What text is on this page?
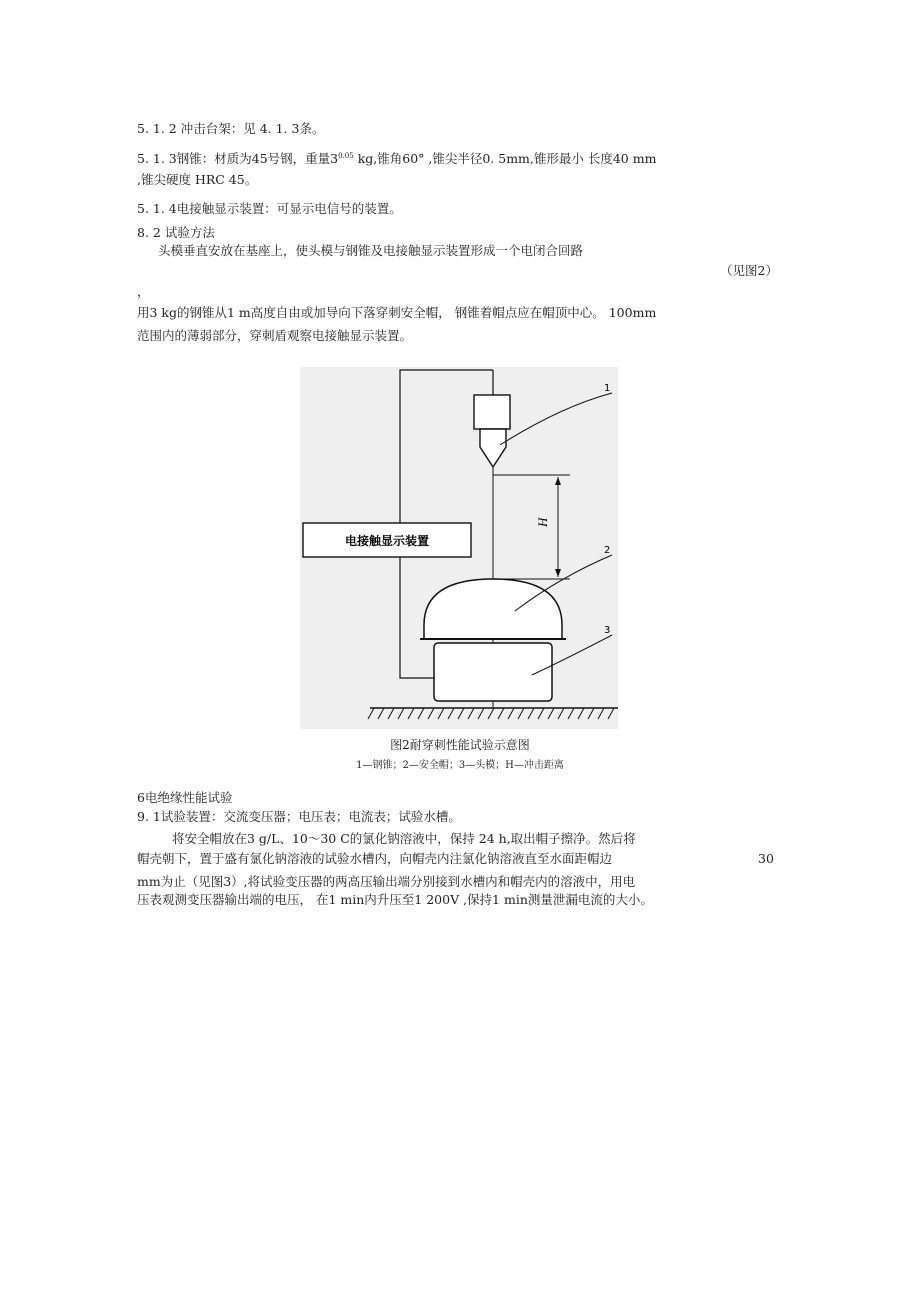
5. 1. 2 冲击台架：见 4. 1. 3条。
5. 1. 3钢锥：材质为45号钢，重量$3^{0.05}$ kg,锥角60° ,锥尖半径0. 5mm,锥形最小 长度40 mm
,锥尖硬度 HRC 45。
5. 1. 4电接触显示装置：可显示电信号的装置。
8. 2 试验方法
头模垂直安放在基座上，使头模与钢锥及电接触显示装置形成一个电闭合回路
（见图2）
，
用3 kg的钢锥从1 m高度自由或加导向下落穿刺安全帽， 钢锥着帽点应在帽顶中心。 100mm
范围内的薄弱部分，穿刺盾观察电接触显示装置。
H
电接触显示装置
1
2
3
图2耐穿刺性能试验示意图
1—钢锥；2—安全帽；3—头模；H—冲击距离
6电绝缘性能试验
9. 1试验装置：交流变压器；电压表；电流表；试验水槽。
将安全帽放在3 g/L、10～30 C的氯化钠溶液中，保持 24 h,取出帽子擦净。然后将
帽壳朝下，置于盛有氯化钠溶液的试验水槽内，向帽壳内注氯化钠溶液直至水面距帽边	30
mm为止（见图3）,将试验变压器的两高压输出端分别接到水槽内和帽壳内的溶液中，用电
压表观测变压器输出端的电压， 在1 min内升压至1 200V ,保持1 min测量泄漏电流的大小。
